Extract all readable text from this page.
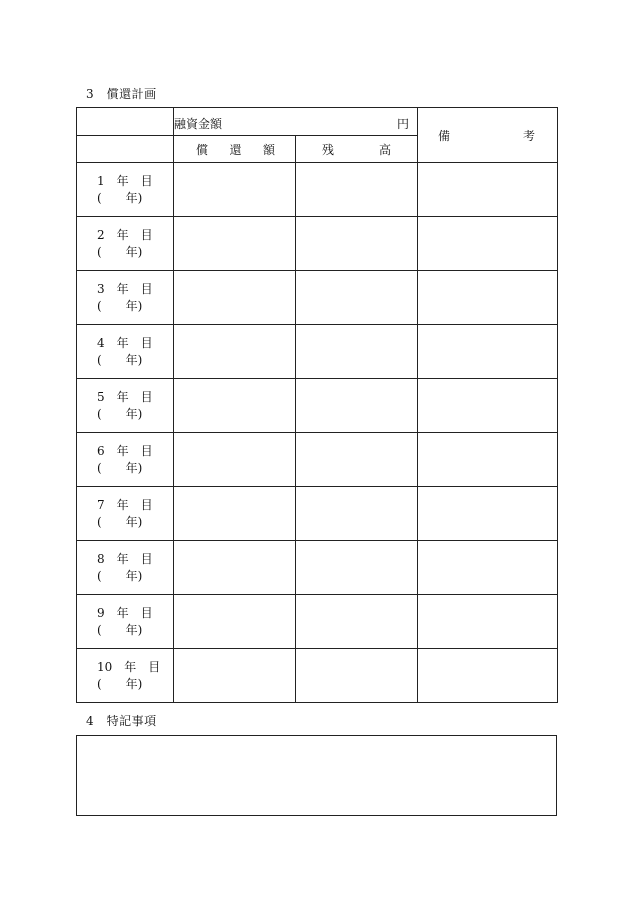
3　償還計画

	融資金額 円		備 考

	償 還 額	残 高	

1　年　目
(　　年)			

2　年　目
(　　年)			

3　年　目
(　　年)			

4　年　目
(　　年)			

5　年　目
(　　年)			

6　年　目
(　　年)			

7　年　目
(　　年)			

8　年　目
(　　年)			

9　年　目
(　　年)			

10　年　目
(　　年)			

4　特記事項
